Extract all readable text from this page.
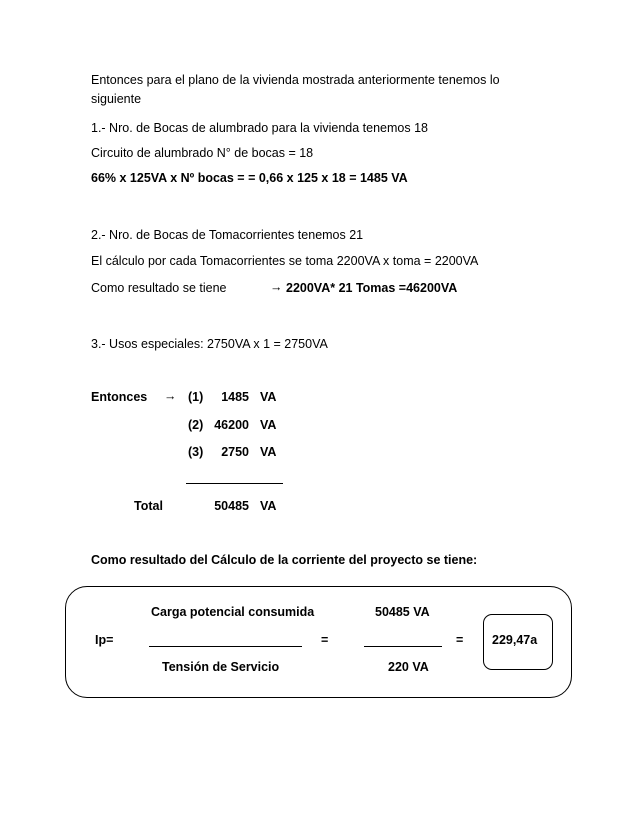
Entonces para el plano de la vivienda mostrada anteriormente tenemos lo
siguiente
1.- Nro. de Bocas de alumbrado para la vivienda tenemos 18
Circuito de alumbrado N° de bocas = 18
66% x 125VA x Nº bocas = = 0,66 x 125 x 18 = 1485 VA
2.- Nro. de Bocas de Tomacorrientes tenemos 21
El cálculo por cada Tomacorrientes se toma 2200VA x toma = 2200VA
Como resultado se tiene	→ 2200VA* 21 Tomas =46200VA
3.- Usos especiales: 2750VA x 1 = 2750VA
Entonces → (1)	1485 VA
(2) 46200 VA
(3)	2750 VA
Total	50485 VA
Como resultado del Cálculo de la corriente del proyecto se tiene:
Carga potencial consumida	50485 VA
Ip=	=	= 229,47a
Tensión de Servicio	220 VA
